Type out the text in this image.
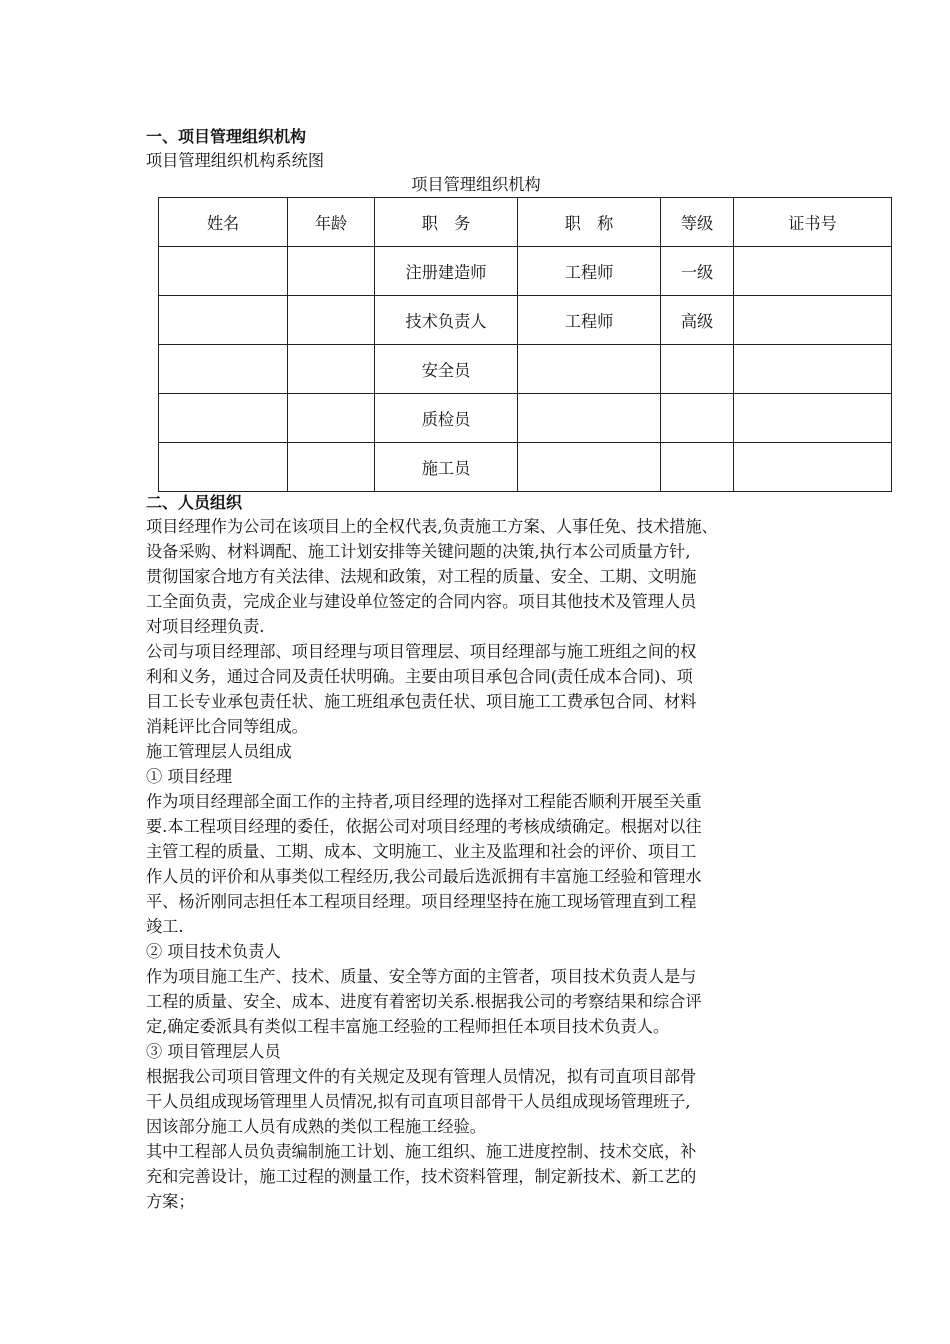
一、项目管理组织机构
项目管理组织机构系统图
项目管理组织机构
姓名	年龄	职　务	职　称	等级	证书号
		注册建造师	工程师	一级	
		技术负责人	工程师	高级	
		安全员			
		质检员			
		施工员			
二、人员组织
项目经理作为公司在该项目上的全权代表,负责施工方案、人事任免、技术措施、
设备采购、材料调配、施工计划安排等关键问题的决策,执行本公司质量方针,
贯彻国家合地方有关法律、法规和政策，对工程的质量、安全、工期、文明施
工全面负责，完成企业与建设单位签定的合同内容。项目其他技术及管理人员
对项目经理负责.
公司与项目经理部、项目经理与项目管理层、项目经理部与施工班组之间的权
利和义务，通过合同及责任状明确。主要由项目承包合同(责任成本合同)、项
目工长专业承包责任状、施工班组承包责任状、项目施工工费承包合同、材料
消耗评比合同等组成。
施工管理层人员组成
① 项目经理
作为项目经理部全面工作的主持者,项目经理的选择对工程能否顺利开展至关重
要.本工程项目经理的委任，依据公司对项目经理的考核成绩确定。根据对以往
主管工程的质量、工期、成本、文明施工、业主及监理和社会的评价、项目工
作人员的评价和从事类似工程经历,我公司最后选派拥有丰富施工经验和管理水
平、杨沂刚同志担任本工程项目经理。项目经理坚持在施工现场管理直到工程
竣工.
② 项目技术负责人
作为项目施工生产、技术、质量、安全等方面的主管者，项目技术负责人是与
工程的质量、安全、成本、进度有着密切关系.根据我公司的考察结果和综合评
定,确定委派具有类似工程丰富施工经验的工程师担任本项目技术负责人。
③ 项目管理层人员
根据我公司项目管理文件的有关规定及现有管理人员情况，拟有司直项目部骨
干人员组成现场管理里人员情况,拟有司直项目部骨干人员组成现场管理班子,
因该部分施工人员有成熟的类似工程施工经验。
其中工程部人员负责编制施工计划、施工组织、施工进度控制、技术交底，补
充和完善设计，施工过程的测量工作，技术资料管理，制定新技术、新工艺的
方案；
